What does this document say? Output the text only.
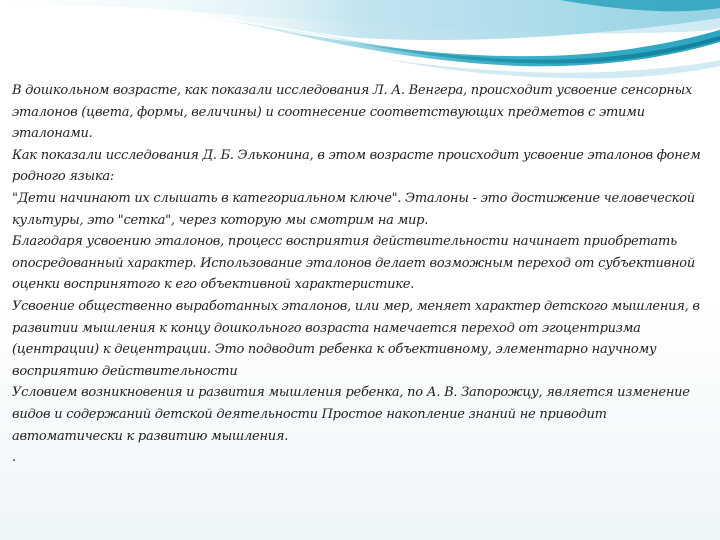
В дошкольном возрасте, как показали исследования Л. А. Венгера, происходит усвоение сенсорных эталонов (цвета, формы, величины) и соотнесение соответствующих предметов с этими эталонами.

Как показали исследования Д. Б. Эльконина, в этом возрасте происходит усвоение эталонов фонем родного языка:

"Дети начинают их слышать в категориальном ключе". Эталоны - это достижение человеческой культуры, это "сетка", через которую мы смотрим на мир.

Благодаря усвоению эталонов, процесс восприятия действительности начинает приобретать опосредованный характер. Использование эталонов делает возможным переход от субъективной оценки воспринятого к его объективной характеристике.

Усвоение общественно выработанных эталонов, или мер, меняет характер детского мышления, в развитии мышления к концу дошкольного возраста намечается переход от эгоцентризма (центрации) к децентрации. Это подводит ребенка к объективному, элементарно научному восприятию действительности

Условием возникновения и развития мышления ребенка, по А. В. Запорожцу, является изменение видов и содержаний детской деятельности Простое накопление знаний не приводит автоматически к развитию мышления.

.
